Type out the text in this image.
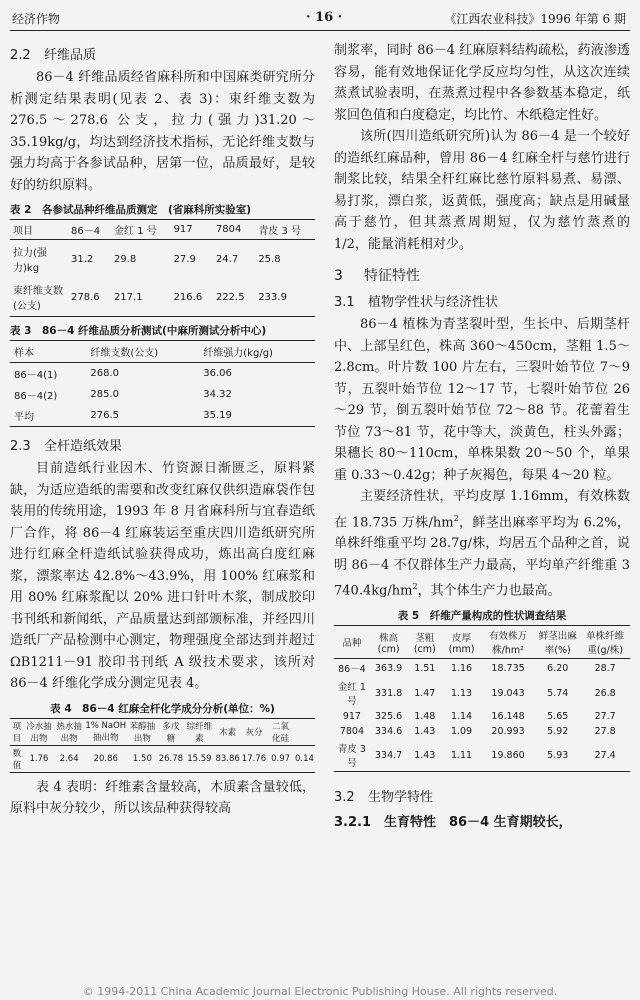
经济作物	· 16 ·	《江西农业科技》1996 年第 6 期
2.2 纤维品质

86－4 纤维品质经省麻科所和中国麻类研究所分析测定结果表明(见表 2、表 3)：束纤维支数为 276.5～278.6 公支，拉力(强力)31.20～35.19kg/g，均达到经济技术指标，无论纤维支数与强力均高于各参试品种，居第一位，品质最好，是较好的纺织原料。

表 2　各参试品种纤维品质测定　(省麻科所实验室)
项目	86－4	金红 1 号	917	7804	青皮 3 号
拉力(强力)kg	31.2	29.8	27.9	24.7	25.8
束纤维支数(公支)	278.6	217.1	216.6	222.5	233.9
表 3　86－4 纤维品质分析测试(中麻所测试分析中心)
样本	纤维支数(公支)	纤维强力(kg/g)
86－4(1)	268.0	36.06
86－4(2)	285.0	34.32
平均	276.5	35.19
2.3 全杆造纸效果

目前造纸行业因木、竹资源日渐匮乏，原料紧缺，为适应造纸的需要和改变红麻仅供织造麻袋作包装用的传统用途，1993 年 8 月省麻科所与宜春造纸厂合作，将 86－4 红麻装运至重庆四川造纸研究所进行红麻全杆造纸试验获得成功，炼出高白度红麻浆，漂浆率达 42.8%～43.9%，用 100% 红麻浆和用 80% 红麻浆配以 20% 进口针叶木浆，制成胶印书刊纸和新闻纸，产品质量达到部颁标准，并经四川造纸厂产品检测中心测定，物理强度全部达到并超过 ΩB1211－91 胶印书刊纸 A 级技术要求，该所对 86－4 纤维化学成分测定见表 4。

表 4　86－4 红麻全杆化学成分分析(单位：%)
项目	冷水抽出物	热水抽出物	1% NaOH抽出物	苯醇抽出物	多戊糖	综纤维素	木素	灰分	二氧化硅	
数值	1.76	2.64	20.86	1.50	26.78	15.59	83.86	17.76	0.97	0.14

表 4 表明：纤维素含量较高，木质素含量较低，原料中灰分较少，所以该品种获得较高

制浆率，同时 86－4 红麻原料结构疏松，药液渗透容易，能有效地保证化学反应均匀性，从这次连续蒸煮试验表明，在蒸煮过程中各参数基本稳定，纸浆回色值和白度稳定，均比竹、木纸稳定性好。

该所(四川造纸研究所)认为 86－4 是一个较好的造纸红麻品种，曾用 86－4 红麻全杆与慈竹进行制浆比较，结果全杆红麻比慈竹原料易煮、易漂、易打浆，漂白浆，返黄低，强度高；缺点是用碱量高于慈竹，但其蒸煮周期短，仅为慈竹蒸煮的 1/2，能量消耗相对少。

3 特征特性
3.1 植物学性状与经济性状

86－4 植株为青茎裂叶型，生长中、后期茎杆中、上部呈红色，株高 360～450cm，茎粗 1.5～2.8cm。叶片数 100 片左右，三裂叶始节位 7～9 节，五裂叶始节位 12～17 节，七裂叶始节位 26～29 节，倒五裂叶始节位 72～88 节。花蕾着生节位 73～81 节，花中等大，淡黄色，柱头外露；果穗长 80～110cm，单株果数 20～50 个，单果重 0.33～0.42g；种子灰褐色，每果 4～20 粒。

主要经济性状，平均皮厚 1.16mm，有效株数在 18.735 万株$/hm^2$，鲜茎出麻率平均为 6.2%，单株纤维重平均 28.7g/株，均居五个品种之首，说明 86－4 不仅群体生产力最高，平均单产纤维重 3 $740.4kg/hm^2$，其个体生产力也最高。

表 5　纤维产量构成的性状调查结果
品种	株高(cm)	茎粗(cm)	皮厚(mm)	有效株万株/hm²	鲜茎出麻率(%)	单株纤维重(g/株)
86－4	363.9	1.51	1.16	18.735	6.20	28.7
金红 1 号	331.8	1.47	1.13	19.043	5.74	26.8
917	325.6	1.48	1.14	16.148	5.65	27.7
7804	334.6	1.43	1.09	20.993	5.92	27.8
青皮 3 号	334.7	1.43	1.11	19.860	5.93	27.4
3.2 生物学特性
3.2.1　生育特性　86－4 生育期较长，
© 1994-2011 China Academic Journal Electronic Publishing House. All rights reserved.
